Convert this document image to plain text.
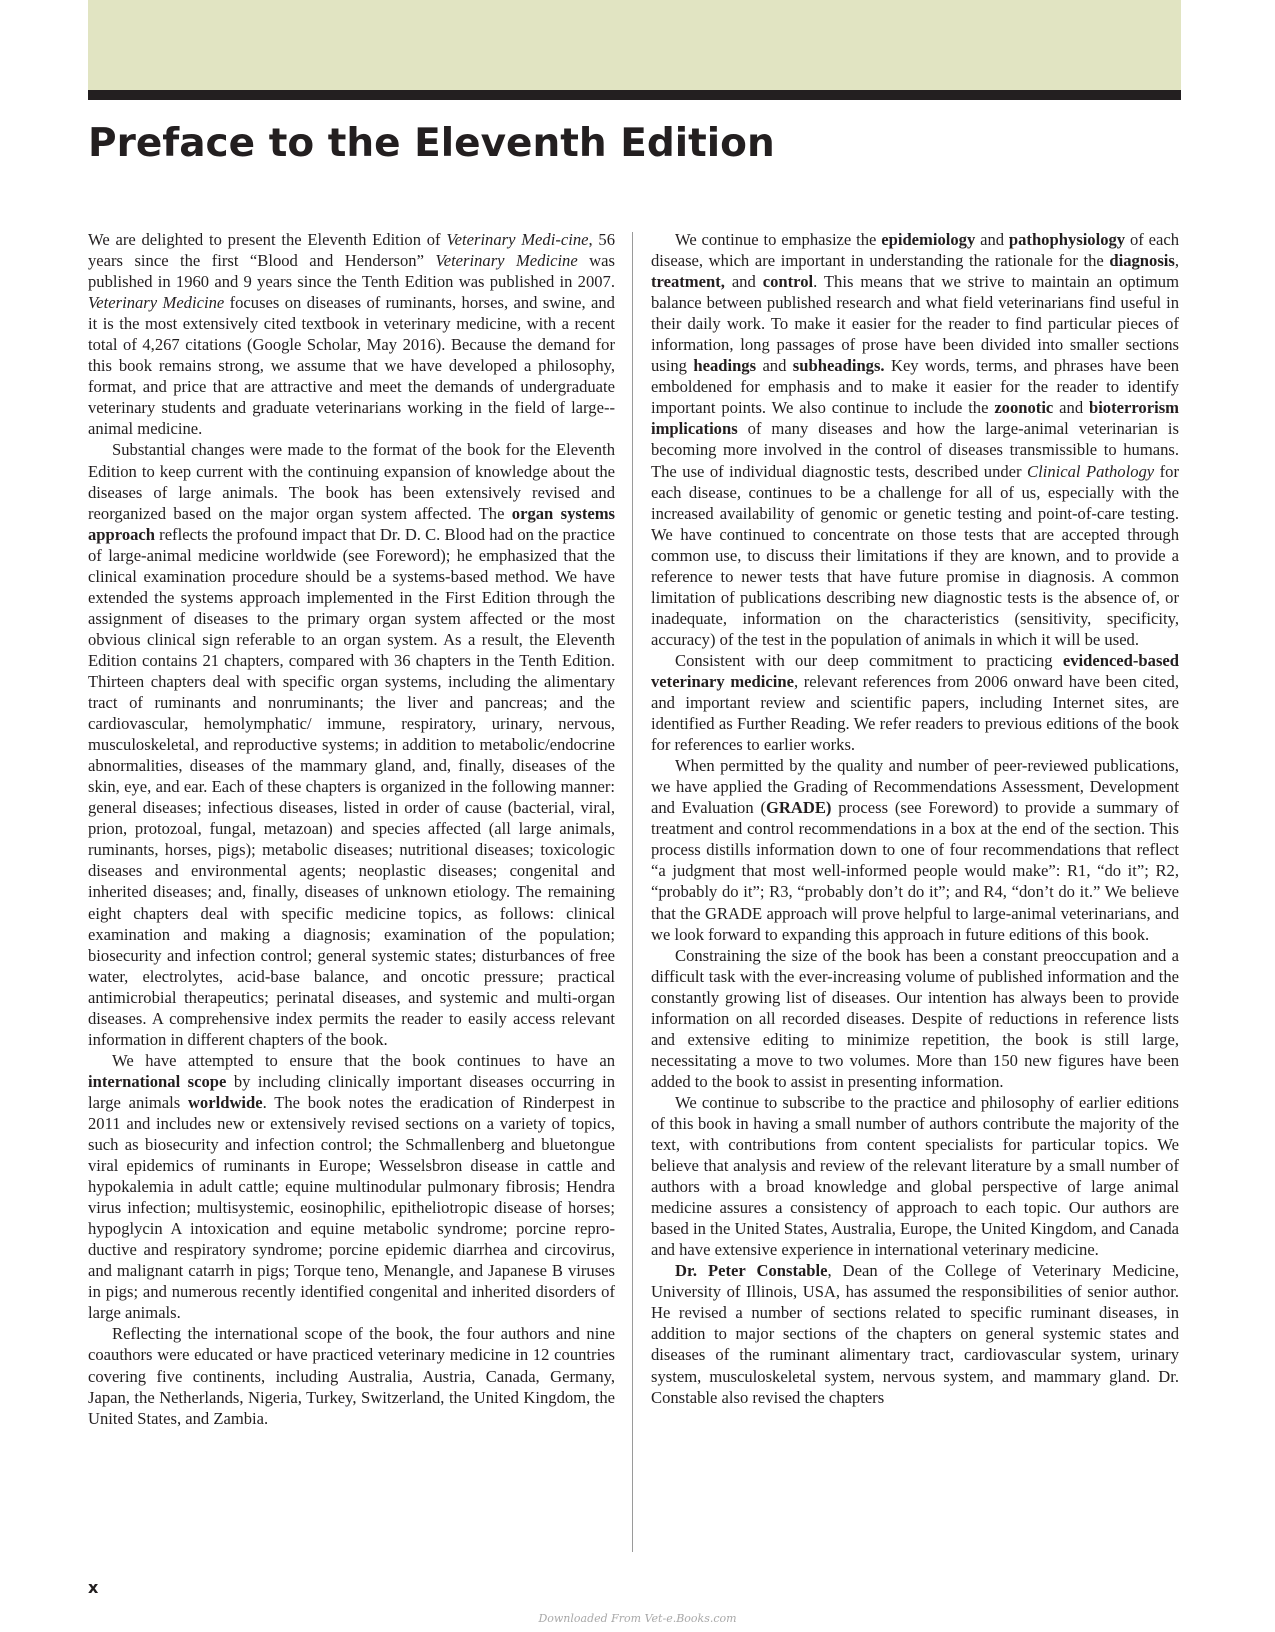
Preface to the Eleventh Edition

We are delighted to present the Eleventh Edition of Veterinary Medi-cine, 56 years since the first “Blood and Henderson” Veterinary Medicine was published in 1960 and 9 years since the Tenth Edition was published in 2007. Veterinary Medicine focuses on diseases of ruminants, horses, and swine, and it is the most extensively cited textbook in veterinary medicine, with a recent total of 4,267 citations (Google Scholar, May 2016). Because the demand for this book remains strong, we assume that we have developed a philosophy, format, and price that are attractive and meet the demands of undergraduate veterinary students and graduate veterinarians working in the field of large-animal medicine.

Substantial changes were made to the format of the book for the Eleventh Edition to keep current with the continuing expansion of knowledge about the diseases of large animals. The book has been extensively revised and reorganized based on the major organ system affected. The organ systems approach reflects the profound impact that Dr. D. C. Blood had on the practice of large-animal medicine worldwide (see Foreword); he emphasized that the clinical examination procedure should be a systems-based method. We have extended the systems approach implemented in the First Edition through the assignment of diseases to the primary organ system affected or the most obvious clinical sign referable to an organ system. As a result, the Eleventh Edition contains 21 chapters, compared with 36 chapters in the Tenth Edition. Thirteen chapters deal with specific organ systems, including the alimentary tract of ruminants and nonruminants; the liver and pancreas; and the cardiovascular, hemolymphatic/ immune, respiratory, urinary, nervous, musculoskeletal, and reproductive systems; in addition to metabolic/endocrine abnormalities, diseases of the mammary gland, and, finally, diseases of the skin, eye, and ear. Each of these chapters is organized in the following manner: general diseases; infectious diseases, listed in order of cause (bacterial, viral, prion, protozoal, fungal, metazoan) and species affected (all large animals, ruminants, horses, pigs); metabolic diseases; nutritional diseases; toxicologic diseases and environmental agents; neoplastic diseases; congenital and inherited diseases; and, finally, diseases of unknown etiology. The remaining eight chapters deal with specific medicine topics, as follows: clinical examination and making a diagnosis; examination of the population; biosecurity and infection control; general systemic states; disturbances of free water, electrolytes, acid-base balance, and oncotic pressure; practical antimicrobial therapeutics; perinatal diseases, and systemic and multi-organ diseases. A comprehensive index permits the reader to easily access relevant information in different chapters of the book.

We have attempted to ensure that the book continues to have an international scope by including clinically important diseases occurring in large animals worldwide. The book notes the eradication of Rinderpest in 2011 and includes new or extensively revised sections on a variety of topics, such as biosecurity and infection control; the Schmallenberg and bluetongue viral epidemics of ruminants in Europe; Wesselsbron disease in cattle and hypokalemia in adult cattle; equine multinodular pulmonary fibrosis; Hendra virus infection; multisystemic, eosinophilic, epitheliotropic disease of horses; hypoglycin A intoxication and equine metabolic syndrome; porcine reproductive and respiratory syndrome; porcine epidemic diarrhea and circovirus, and malignant catarrh in pigs; Torque teno, Menangle, and Japanese B viruses in pigs; and numerous recently identified congenital and inherited disorders of large animals.

Reflecting the international scope of the book, the four authors and nine coauthors were educated or have practiced veterinary medicine in 12 countries covering five continents, including Australia, Austria, Canada, Germany, Japan, the Netherlands, Nigeria, Turkey, Switzerland, the United Kingdom, the United States, and Zambia.

We continue to emphasize the epidemiology and pathophysiology of each disease, which are important in understanding the rationale for the diagnosis, treatment, and control. This means that we strive to maintain an optimum balance between published research and what field veterinarians find useful in their daily work. To make it easier for the reader to find particular pieces of information, long passages of prose have been divided into smaller sections using headings and subheadings. Key words, terms, and phrases have been emboldened for emphasis and to make it easier for the reader to identify important points. We also continue to include the zoonotic and bioterrorism implications of many diseases and how the large-animal veterinarian is becoming more involved in the control of diseases transmissible to humans. The use of individual diagnostic tests, described under Clinical Pathology for each disease, continues to be a challenge for all of us, especially with the increased availability of genomic or genetic testing and point-of-care testing. We have continued to concentrate on those tests that are accepted through common use, to discuss their limitations if they are known, and to provide a reference to newer tests that have future promise in diagnosis. A common limitation of publications describing new diagnostic tests is the absence of, or inadequate, information on the characteristics (sensitivity, specificity, accuracy) of the test in the population of animals in which it will be used.

Consistent with our deep commitment to practicing evidenced-based veterinary medicine, relevant references from 2006 onward have been cited, and important review and scientific papers, including Internet sites, are identified as Further Reading. We refer readers to previous editions of the book for references to earlier works.

When permitted by the quality and number of peer-reviewed publications, we have applied the Grading of Recommendations Assessment, Development and Evaluation (GRADE) process (see Foreword) to provide a summary of treatment and control recommendations in a box at the end of the section. This process distills information down to one of four recommendations that reflect “a judgment that most well-informed people would make”: R1, “do it”; R2, “probably do it”; R3, “probably don’t do it”; and R4, “don’t do it.” We believe that the GRADE approach will prove helpful to large-animal veterinarians, and we look forward to expanding this approach in future editions of this book.

Constraining the size of the book has been a constant preoccupation and a difficult task with the ever-increasing volume of published information and the constantly growing list of diseases. Our intention has always been to provide information on all recorded diseases. Despite of reductions in reference lists and extensive editing to minimize repetition, the book is still large, necessitating a move to two volumes. More than 150 new figures have been added to the book to assist in presenting information.

We continue to subscribe to the practice and philosophy of earlier editions of this book in having a small number of authors contribute the majority of the text, with contributions from content specialists for particular topics. We believe that analysis and review of the relevant literature by a small number of authors with a broad knowledge and global perspective of large animal medicine assures a consistency of approach to each topic. Our authors are based in the United States, Australia, Europe, the United Kingdom, and Canada and have extensive experience in international veterinary medicine.

Dr. Peter Constable, Dean of the College of Veterinary Medicine, University of Illinois, USA, has assumed the responsibilities of senior author. He revised a number of sections related to specific ruminant diseases, in addition to major sections of the chapters on general systemic states and diseases of the ruminant alimentary tract, cardiovascular system, urinary system, musculoskeletal system, nervous system, and mammary gland. Dr. Constable also revised the chapters

x
Downloaded From Vet-e.Books.com
